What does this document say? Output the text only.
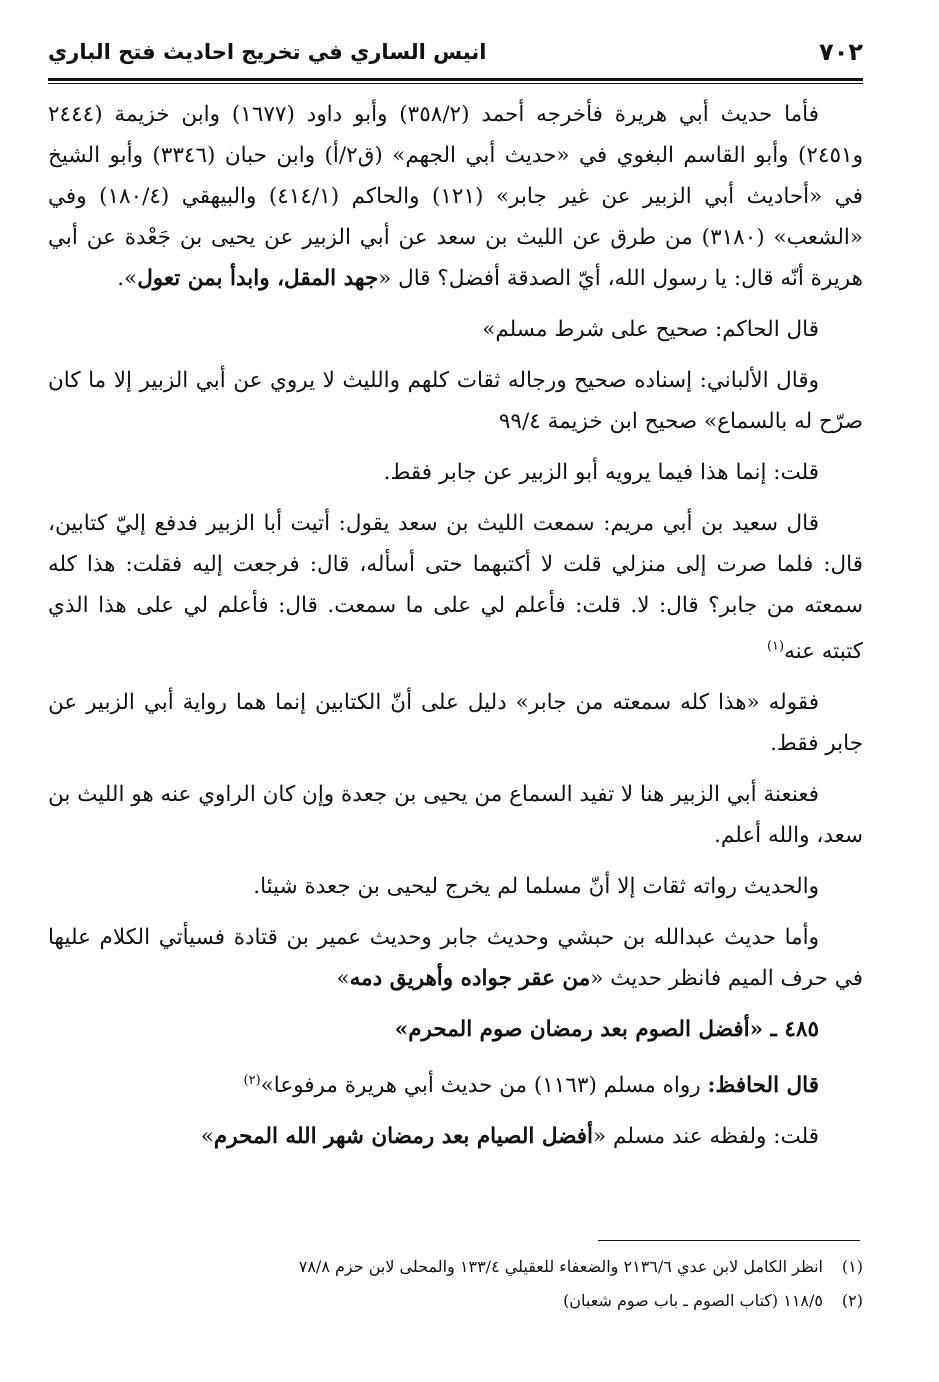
٧٠٢
انيس الساري في تخريج احاديث فتح الباري

فأما حديث أبي هريرة فأخرجه أحمد (٣٥٨/٢) وأبو داود (١٦٧٧) وابن خزيمة (٢٤٤٤ و٢٤٥١) وأبو القاسم البغوي في «حديث أبي الجهم» (ق٢/أ) وابن حبان (٣٣٤٦) وأبو الشيخ في «أحاديث أبي الزبير عن غير جابر» (١٢١) والحاكم (٤١٤/١) والبيهقي (١٨٠/٤) وفي «الشعب» (٣١٨٠) من طرق عن الليث بن سعد عن أبي الزبير عن يحيى بن جَعْدة عن أبي هريرة أنّه قال: يا رسول الله، أيّ الصدقة أفضل؟ قال «جهد المقل، وابدأ بمن تعول».

قال الحاكم: صحيح على شرط مسلم»

وقال الألباني: إسناده صحيح ورجاله ثقات كلهم والليث لا يروي عن أبي الزبير إلا ما كان صرّح له بالسماع» صحيح ابن خزيمة ٩٩/٤

قلت: إنما هذا فيما يرويه أبو الزبير عن جابر فقط.

قال سعيد بن أبي مريم: سمعت الليث بن سعد يقول: أتيت أبا الزبير فدفع إليّ كتابين، قال: فلما صرت إلى منزلي قلت لا أكتبهما حتى أسأله، قال: فرجعت إليه فقلت: هذا كله سمعته من جابر؟ قال: لا. قلت: فأعلم لي على ما سمعت. قال: فأعلم لي على هذا الذي كتبته عنه$^{(١)}$

فقوله «هذا كله سمعته من جابر» دليل على أنّ الكتابين إنما هما رواية أبي الزبير عن جابر فقط.

فعنعنة أبي الزبير هنا لا تفيد السماع من يحيى بن جعدة وإن كان الراوي عنه هو الليث بن سعد، والله أعلم.

والحديث رواته ثقات إلا أنّ مسلما لم يخرج ليحيى بن جعدة شيئا.

وأما حديث عبدالله بن حبشي وحديث جابر وحديث عمير بن قتادة فسيأتي الكلام عليها في حرف الميم فانظر حديث «من عقر جواده وأهريق دمه»

٤٨٥ ـ «أفضل الصوم بعد رمضان صوم المحرم»

قال الحافظ: رواه مسلم (١١٦٣) من حديث أبي هريرة مرفوعا»$^{(٢)}$

قلت: ولفظه عند مسلم «أفضل الصيام بعد رمضان شهر الله المحرم»

(١)انظر الكامل لابن عدي ٢١٣٦/٦ والضعفاء للعقيلي ١٣٣/٤ والمحلى لابن حزم ٧٨/٨

(٢)١١٨/٥ (كتاب الصوم ـ باب صوم شعبان)
